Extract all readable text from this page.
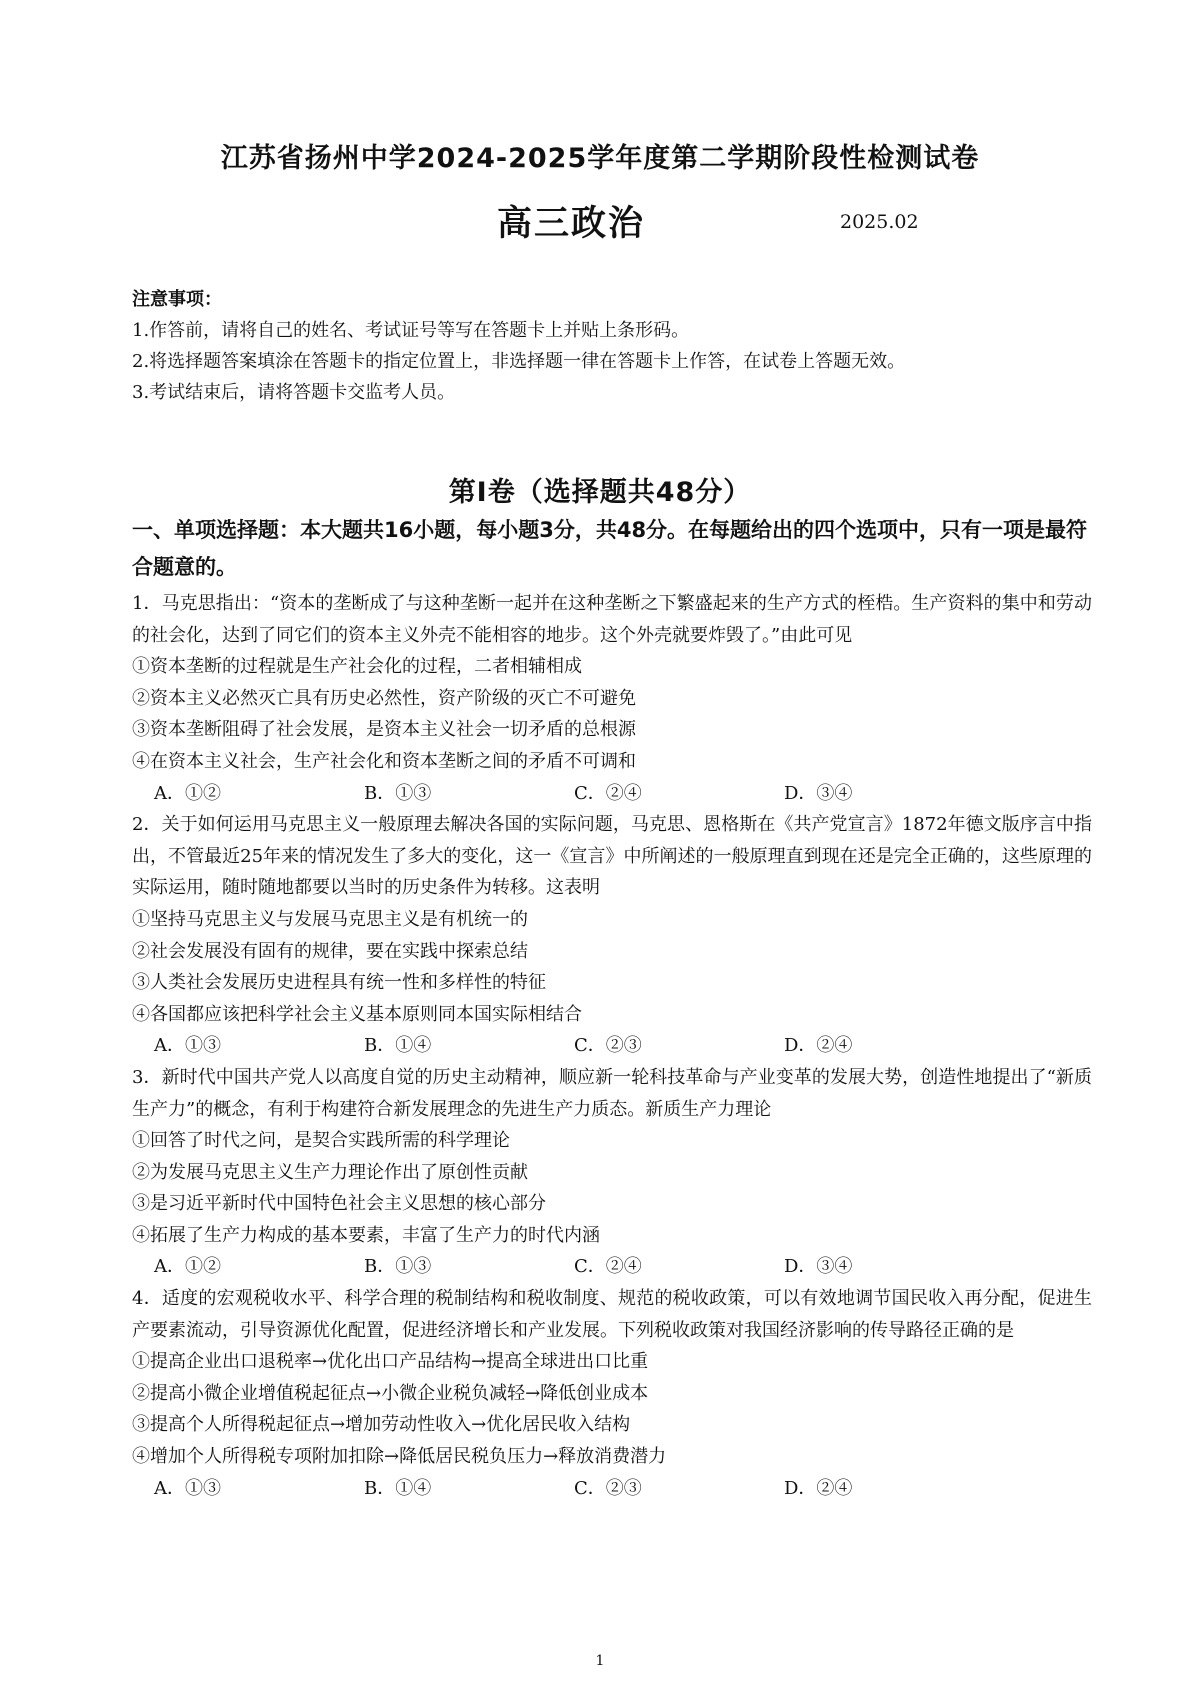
江苏省扬州中学2024-2025学年度第二学期阶段性检测试卷
高三政治	2025.02
注意事项：
1.作答前，请将自己的姓名、考试证号等写在答题卡上并贴上条形码。
2.将选择题答案填涂在答题卡的指定位置上，非选择题一律在答题卡上作答，在试卷上答题无效。
3.考试结束后，请将答题卡交监考人员。
第Ⅰ卷（选择题共48分）
一、单项选择题：本大题共16小题，每小题3分，共48分。在每题给出的四个选项中，只有一项是最符合题意的。
1．马克思指出：“资本的垄断成了与这种垄断一起并在这种垄断之下繁盛起来的生产方式的桎梏。生产资料的集中和劳动的社会化，达到了同它们的资本主义外壳不能相容的地步。这个外壳就要炸毁了。”由此可见
①资本垄断的过程就是生产社会化的过程，二者相辅相成
②资本主义必然灭亡具有历史必然性，资产阶级的灭亡不可避免
③资本垄断阻碍了社会发展，是资本主义社会一切矛盾的总根源
④在资本主义社会，生产社会化和资本垄断之间的矛盾不可调和
A．①②	B．①③	C．②④	D．③④
2．关于如何运用马克思主义一般原理去解决各国的实际问题，马克思、恩格斯在《共产党宣言》1872年德文版序言中指出，不管最近25年来的情况发生了多大的变化，这一《宣言》中所阐述的一般原理直到现在还是完全正确的，这些原理的实际运用，随时随地都要以当时的历史条件为转移。这表明
①坚持马克思主义与发展马克思主义是有机统一的
②社会发展没有固有的规律，要在实践中探索总结
③人类社会发展历史进程具有统一性和多样性的特征
④各国都应该把科学社会主义基本原则同本国实际相结合
A．①③	B．①④	C．②③	D．②④
3．新时代中国共产党人以高度自觉的历史主动精神，顺应新一轮科技革命与产业变革的发展大势，创造性地提出了“新质生产力”的概念，有利于构建符合新发展理念的先进生产力质态。新质生产力理论
①回答了时代之问，是契合实践所需的科学理论
②为发展马克思主义生产力理论作出了原创性贡献
③是习近平新时代中国特色社会主义思想的核心部分
④拓展了生产力构成的基本要素，丰富了生产力的时代内涵
A．①②	B．①③	C．②④	D．③④
4．适度的宏观税收水平、科学合理的税制结构和税收制度、规范的税收政策，可以有效地调节国民收入再分配，促进生产要素流动，引导资源优化配置，促进经济增长和产业发展。下列税收政策对我国经济影响的传导路径正确的是
①提高企业出口退税率→优化出口产品结构→提高全球进出口比重
②提高小微企业增值税起征点→小微企业税负减轻→降低创业成本
③提高个人所得税起征点→增加劳动性收入→优化居民收入结构
④增加个人所得税专项附加扣除→降低居民税负压力→释放消费潜力
A．①③	B．①④	C．②③	D．②④
1
